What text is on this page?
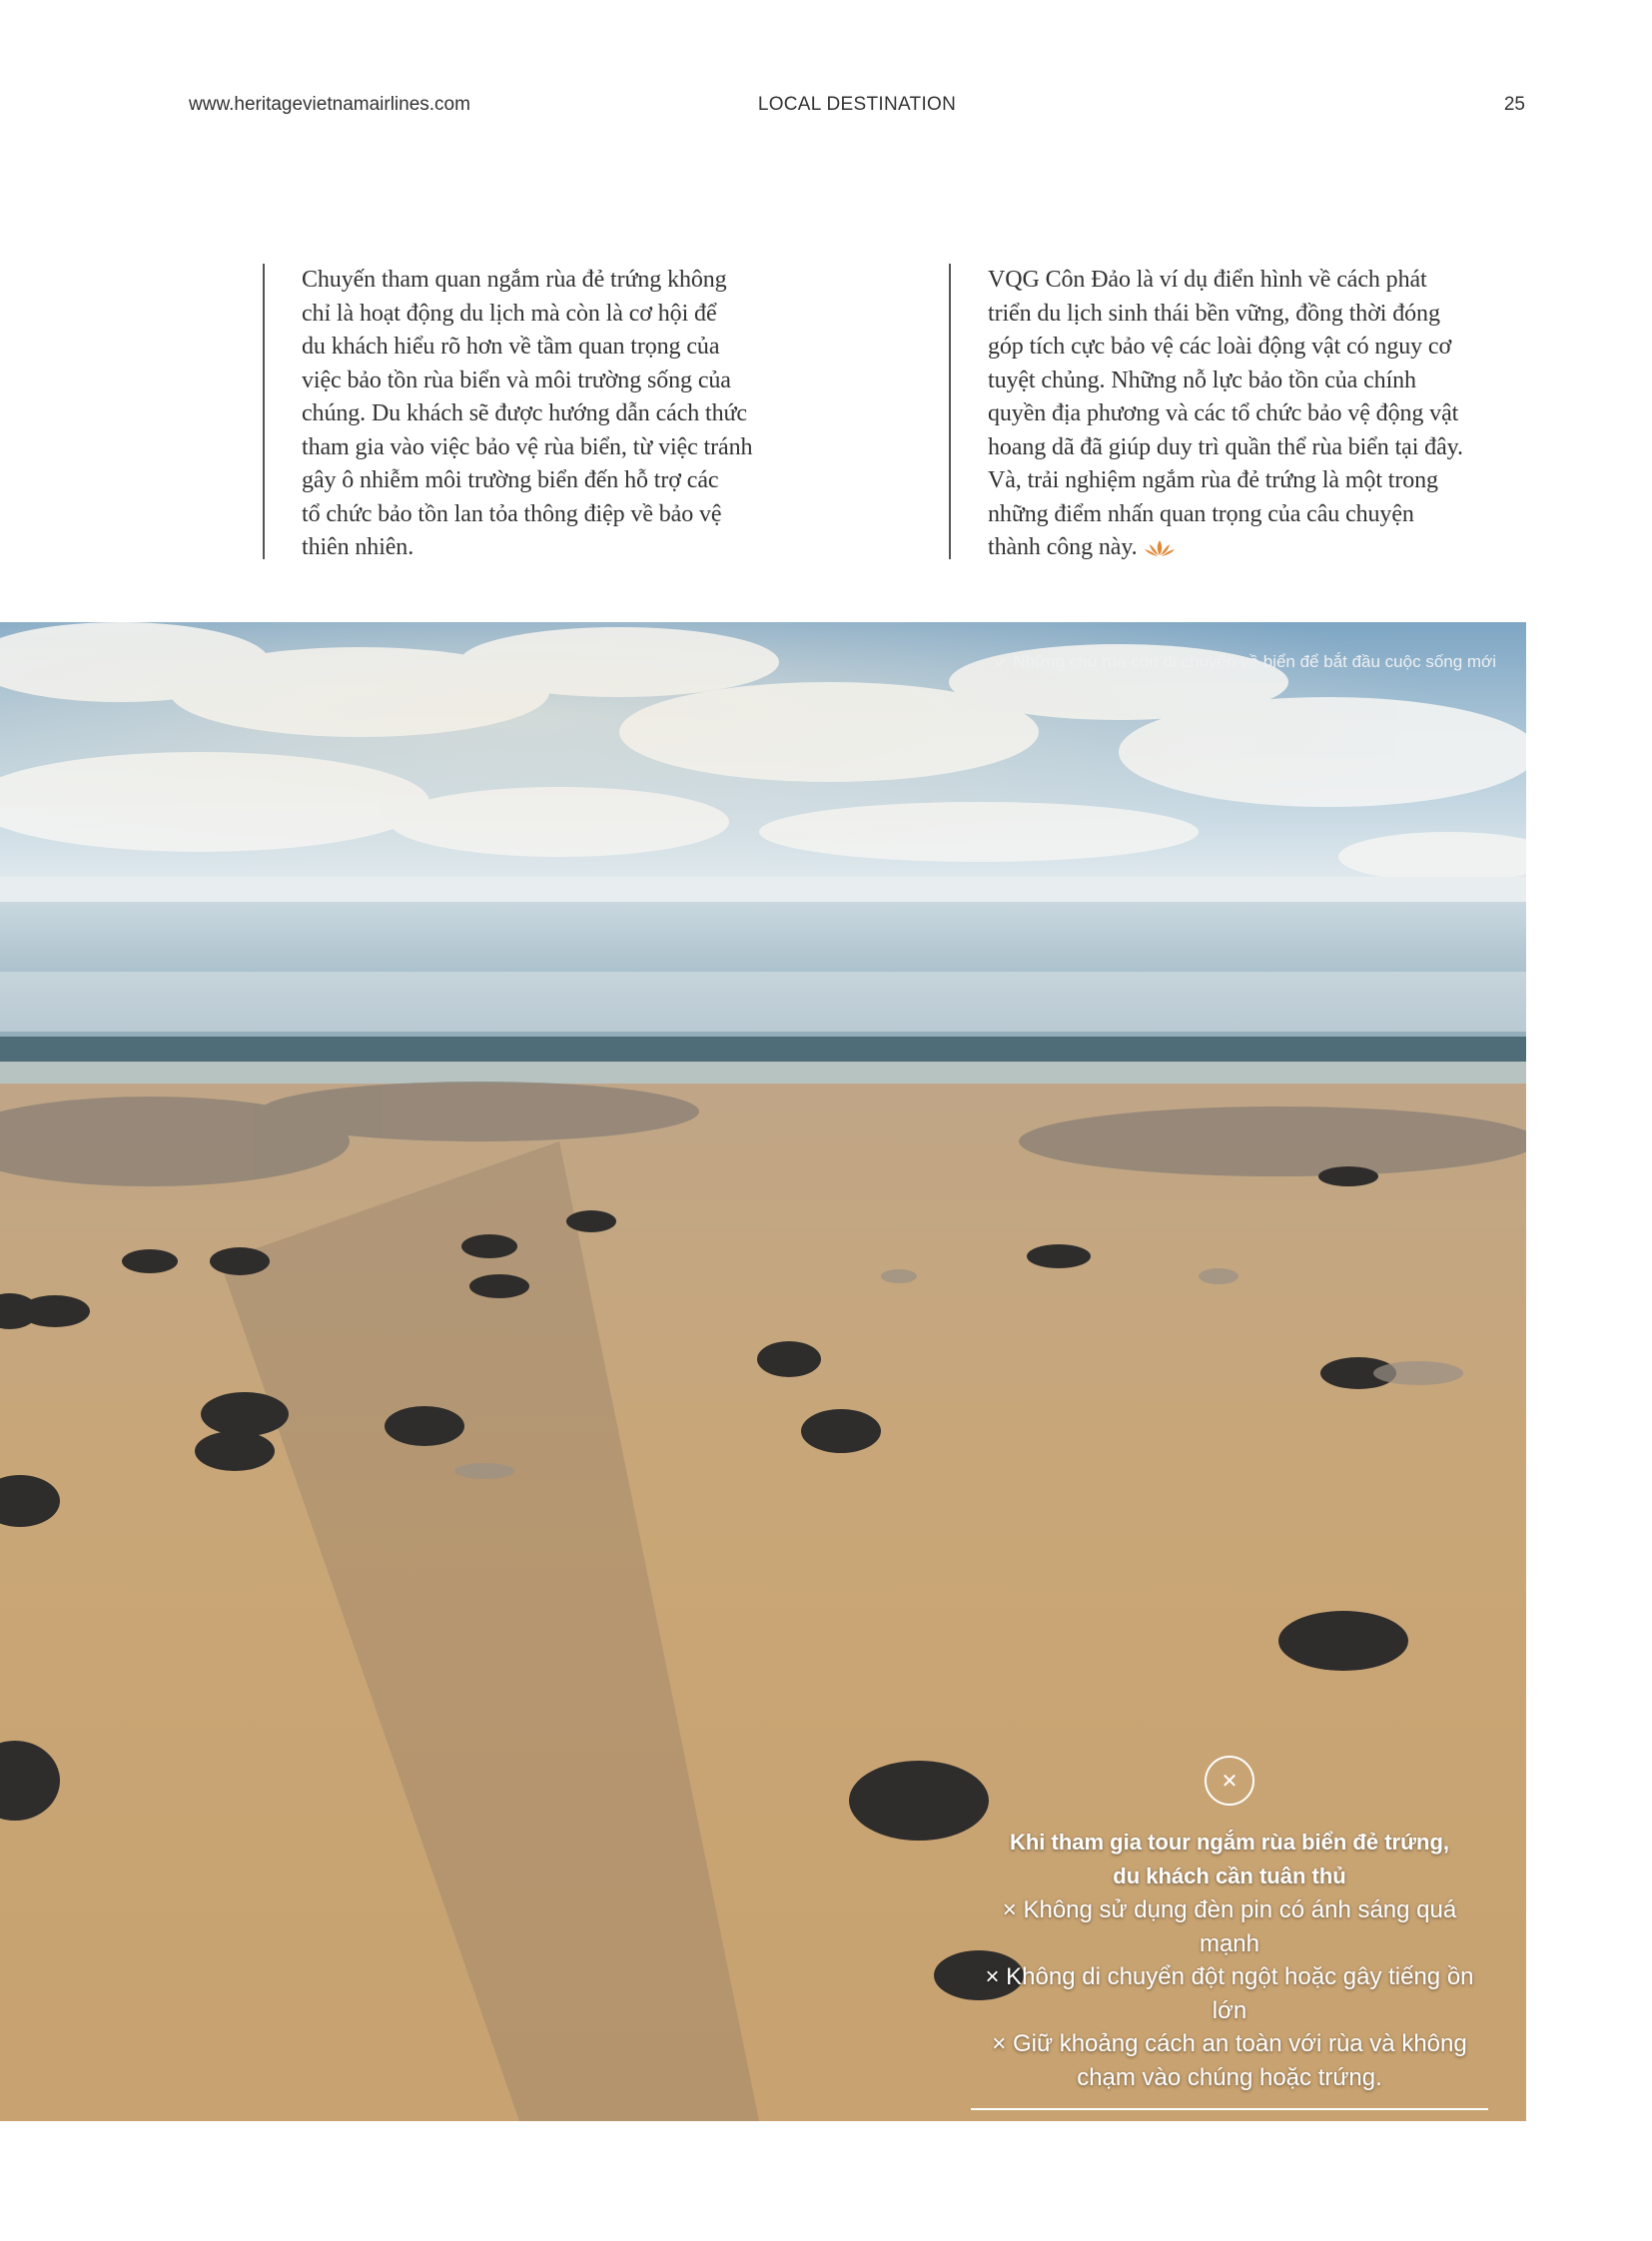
www.heritagevietnamairlines.com	LOCAL DESTINATION	25

Chuyến tham quan ngắm rùa đẻ trứng không

chỉ là hoạt động du lịch mà còn là cơ hội để

du khách hiểu rõ hơn về tầm quan trọng của

việc bảo tồn rùa biển và môi trường sống của

chúng. Du khách sẽ được hướng dẫn cách thức

tham gia vào việc bảo vệ rùa biển, từ việc tránh

gây ô nhiễm môi trường biển đến hỗ trợ các

tổ chức bảo tồn lan tỏa thông điệp về bảo vệ

thiên nhiên.

VQG Côn Đảo là ví dụ điển hình về cách phát

triển du lịch sinh thái bền vững, đồng thời đóng

góp tích cực bảo vệ các loài động vật có nguy cơ

tuyệt chủng. Những nỗ lực bảo tồn của chính

quyền địa phương và các tổ chức bảo vệ động vật

hoang dã đã giúp duy trì quần thể rùa biển tại đây.

Và, trải nghiệm ngắm rùa đẻ trứng là một trong

những điểm nhấn quan trọng của câu chuyện

thành công này.

↙ Những chú rùa con di chuyển về biển để bắt đầu cuộc sống mới
✕
Khi tham gia tour ngắm rùa biển đẻ trứng,
du khách cần tuân thủ
× Không sử dụng đèn pin có ánh sáng quá mạnh
× Không di chuyển đột ngột hoặc gây tiếng ồn lớn
× Giữ khoảng cách an toàn với rùa và không
chạm vào chúng hoặc trứng.
